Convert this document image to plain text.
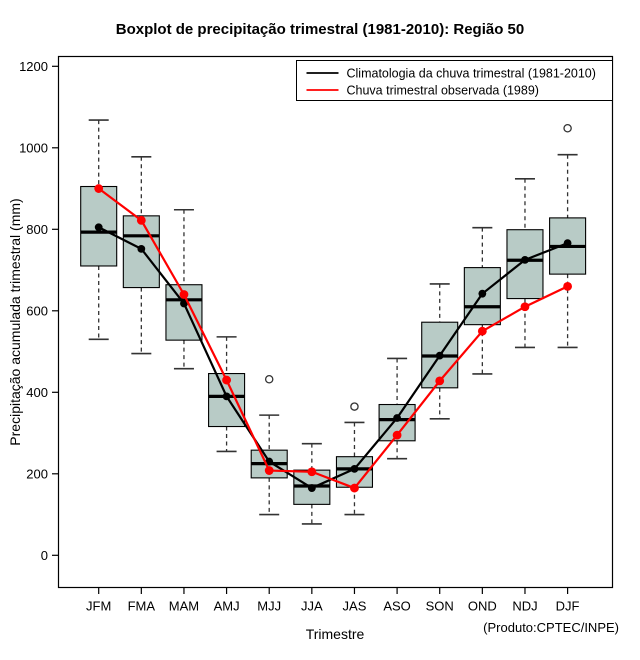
Boxplot de precipitação trimestral (1981-2010): Região 50
Precipitação acumulada trimestral (mm)
0
200
400
600
800
1000
1200
JFM FMA MAM AMJ MJJ JJA JAS ASO SON OND NDJ DJF
Climatologia da chuva trimestral (1981-2010)
Chuva trimestral observada (1989)
Trimestre	(Produto:CPTEC/INPE)
